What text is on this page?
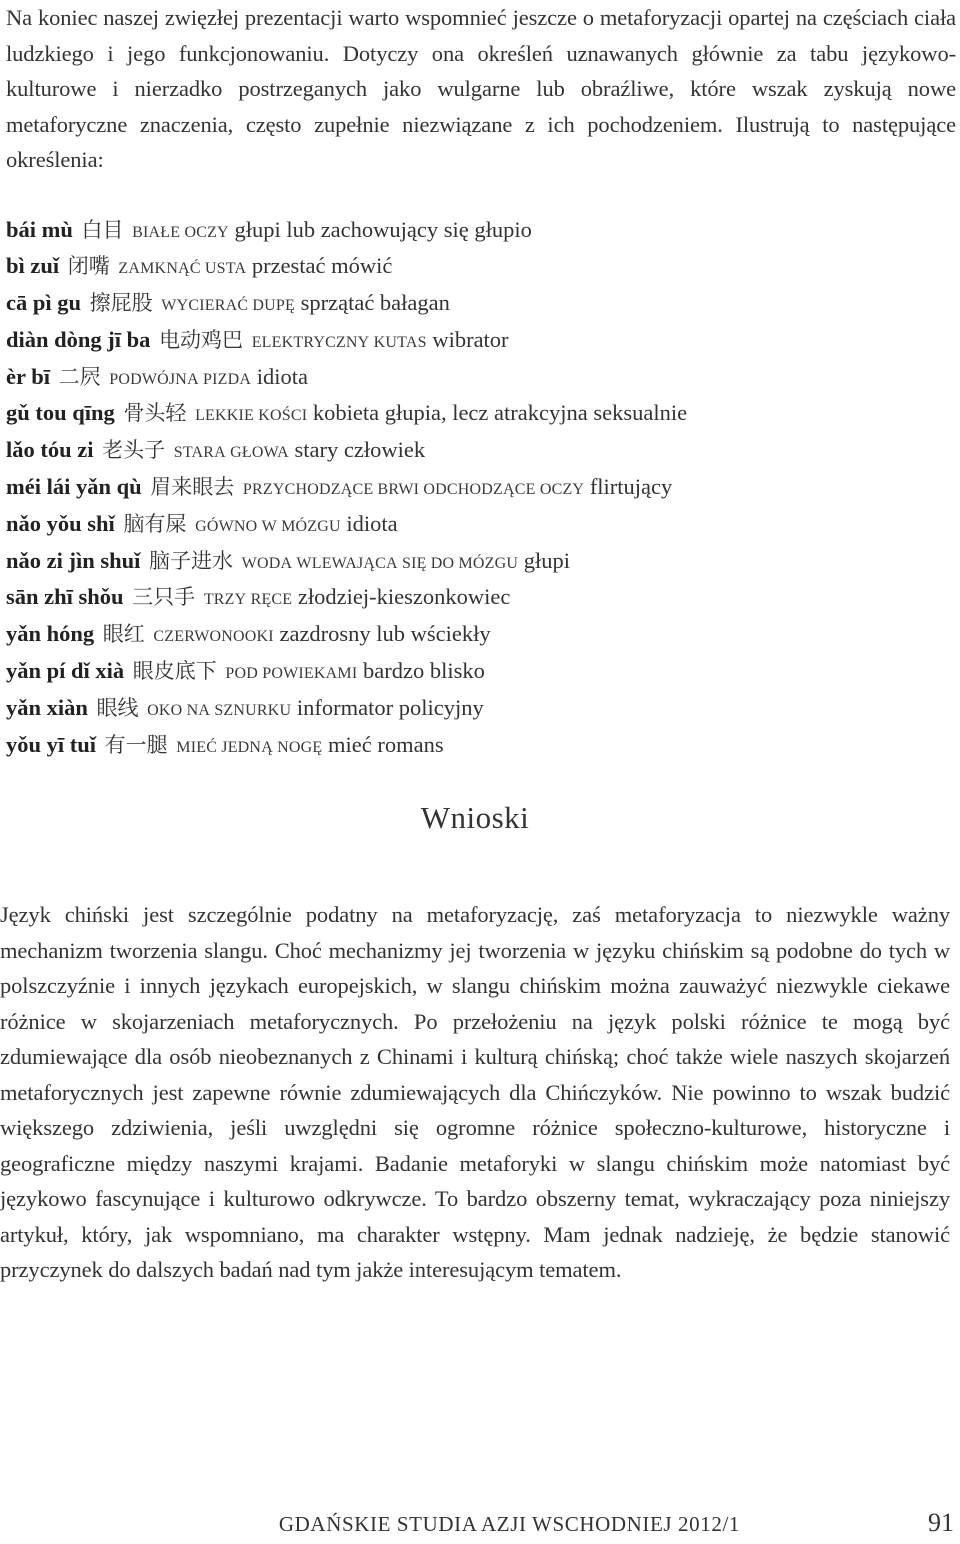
Na koniec naszej zwięzłej prezentacji warto wspomnieć jeszcze o metaforyzacji opartej na częściach ciała ludzkiego i jego funkcjonowaniu. Dotyczy ona określeń uznawanych głównie za tabu językowo-kulturowe i nierzadko postrzeganych jako wulgarne lub obraźliwe, które wszak zyskują nowe metaforyczne znaczenia, często zupełnie niezwiązane z ich pochodzeniem. Ilustrują to następujące określenia:

bái mù 白目 białe oczy głupi lub zachowujący się głupio
bì zuǐ 闭嘴 zamknąć usta przestać mówić
cā pì gu 擦屁股 wycierać dupę sprzątać bałagan
diàn dòng jī ba 电动鸡巴 elektryczny kutas wibrator
èr bī 二屄 podwójna pizda idiota
gǔ tou qīng 骨头轻 lekkie kości kobieta głupia, lecz atrakcyjna seksualnie
lǎo tóu zi 老头子 stara głowa stary człowiek
méi lái yǎn qù 眉来眼去 przychodzące brwi odchodzące oczy flirtujący
nǎo yǒu shǐ 脑有屎 gówno w mózgu idiota
nǎo zi jìn shuǐ 脑子进水 woda wlewająca się do mózgu głupi
sān zhī shǒu 三只手 trzy ręce złodziej-kieszonkowiec
yǎn hóng 眼红 czerwonooki zazdrosny lub wściekły
yǎn pí dǐ xià 眼皮底下 pod powiekami bardzo blisko
yǎn xiàn 眼线 oko na sznurku informator policyjny
yǒu yī tuǐ 有一腿 mieć jedną nogę mieć romans
Wnioski

Język chiński jest szczególnie podatny na metaforyzację, zaś metaforyzacja to niezwykle ważny mechanizm tworzenia slangu. Choć mechanizmy jej tworzenia w języku chińskim są podobne do tych w polszczyźnie i innych językach europejskich, w slangu chińskim można zauważyć niezwykle ciekawe różnice w skojarzeniach metaforycznych. Po przełożeniu na język polski różnice te mogą być zdumiewające dla osób nieobeznanych z Chinami i kulturą chińską; choć także wiele naszych skojarzeń metaforycznych jest zapewne równie zdumiewających dla Chińczyków. Nie powinno to wszak budzić większego zdziwienia, jeśli uwzględni się ogromne różnice społeczno-kulturowe, historyczne i geograficzne między naszymi krajami. Badanie metaforyki w slangu chińskim może natomiast być językowo fascynujące i kulturowo odkrywcze. To bardzo obszerny temat, wykraczający poza niniejszy artykuł, który, jak wspomniano, ma charakter wstępny. Mam jednak nadzieję, że będzie stanowić przyczynek do dalszych badań nad tym jakże interesującym tematem.

GDAŃSKIE STUDIA AZJI WSCHODNIEJ 2012/1	91
